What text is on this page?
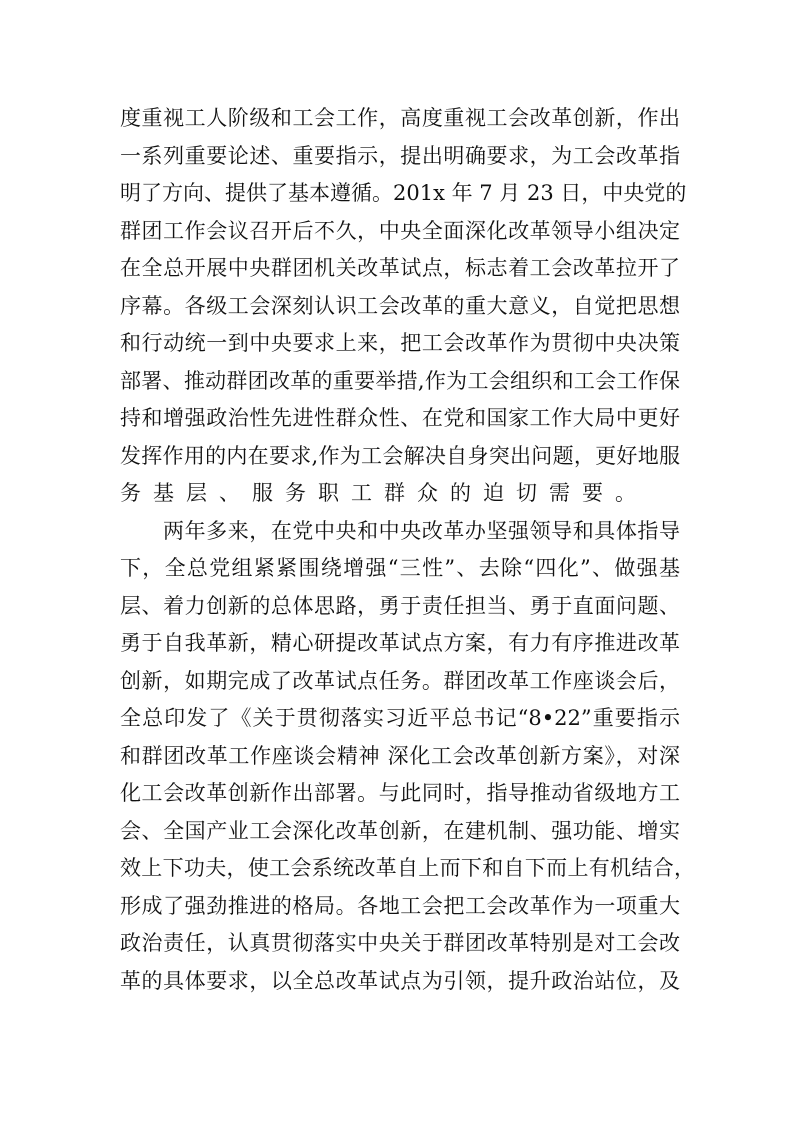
度重视工人阶级和工会工作，高度重视工会改革创新，作出
一系列重要论述、重要指示，提出明确要求，为工会改革指
明了方向、提供了基本遵循。201x 年 7 月 23 日，中央党的
群团工作会议召开后不久，中央全面深化改革领导小组决定
在全总开展中央群团机关改革试点，标志着工会改革拉开了
序幕。各级工会深刻认识工会改革的重大意义，自觉把思想
和行动统一到中央要求上来，把工会改革作为贯彻中央决策
部署、推动群团改革的重要举措,作为工会组织和工会工作保
持和增强政治性先进性群众性、在党和国家工作大局中更好
发挥作用的内在要求,作为工会解决自身突出问题，更好地服
务基层、服务职工群众的迫切需要。
两年多来，在党中央和中央改革办坚强领导和具体指导
下，全总党组紧紧围绕增强“三性”、去除“四化”、做强基
层、着力创新的总体思路，勇于责任担当、勇于直面问题、
勇于自我革新，精心研提改革试点方案，有力有序推进改革
创新，如期完成了改革试点任务。群团改革工作座谈会后，
全总印发了《关于贯彻落实习近平总书记“8•22”重要指示
和群团改革工作座谈会精神 深化工会改革创新方案》，对深
化工会改革创新作出部署。与此同时，指导推动省级地方工
会、全国产业工会深化改革创新，在建机制、强功能、增实
效上下功夫，使工会系统改革自上而下和自下而上有机结合，
形成了强劲推进的格局。各地工会把工会改革作为一项重大
政治责任，认真贯彻落实中央关于群团改革特别是对工会改
革的具体要求，以全总改革试点为引领，提升政治站位，及
